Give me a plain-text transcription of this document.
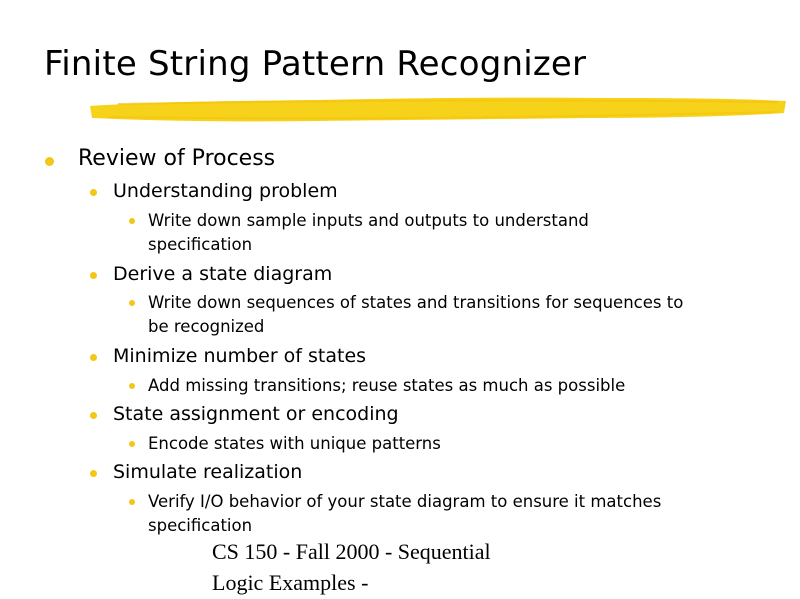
Finite String Pattern Recognizer
Review of Process
Understanding problem
Write down sample inputs and outputs to understand
specification
Derive a state diagram
Write down sequences of states and transitions for sequences to
be recognized
Minimize number of states
Add missing transitions; reuse states as much as possible
State assignment or encoding
Encode states with unique patterns
Simulate realization
Verify I/O behavior of your state diagram to ensure it matches
specification
CS 150 - Fall 2000 - Sequential
Logic Examples -
